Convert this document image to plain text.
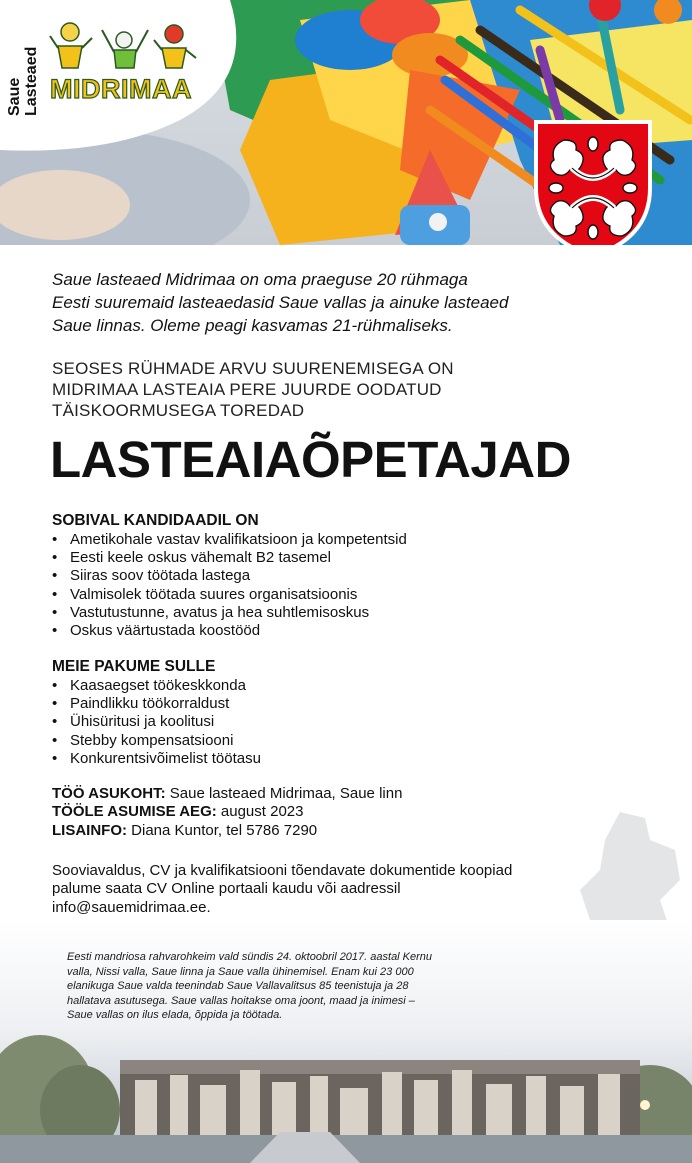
Saue Lasteaed MIDRIMAA
Saue lasteaed Midrimaa on oma praeguse 20 rühmaga
Eesti suuremaid lasteaedasid Saue vallas ja ainuke lasteaed
Saue linnas. Oleme peagi kasvamas 21-rühmaliseks.
SEOSES RÜHMADE ARVU SUURENEMISEGA ON
MIDRIMAA LASTEAIA PERE JUURDE OODATUD
TÄISKOORMUSEGA TOREDAD
LASTEAIAÕPETAJAD
SOBIVAL KANDIDAADIL ON
• Ametikohale vastav kvalifikatsioon ja kompetentsid
• Eesti keele oskus vähemalt B2 tasemel
• Siiras soov töötada lastega
• Valmisolek töötada suures organisatsioonis
• Vastutustunne, avatus ja hea suhtlemisoskus
• Oskus väärtustada koostööd
MEIE PAKUME SULLE
• Kaasaegset töökeskkonda
• Paindlikku töökorraldust
• Ühisüritusi ja koolitusi
• Stebby kompensatsiooni
• Konkurentsivõimelist töötasu
TÖÖ ASUKOHT: Saue lasteaed Midrimaa, Saue linn
TÖÖLE ASUMISE AEG: august 2023
LISAINFO: Diana Kuntor, tel 5786 7290
Sooviavaldus, CV ja kvalifikatsiooni tõendavate dokumentide koopiad
palume saata CV Online portaali kaudu või aadressil
info@sauemidrimaa.ee.
Eesti mandriosa rahvarohkeim vald sündis 24. oktoobril 2017. aastal Kernu
valla, Nissi valla, Saue linna ja Saue valla ühinemisel. Enam kui 23 000
elanikuga Saue valda teenindab Saue Vallavalitsus 85 teenistuja ja 28
hallatava asutusega. Saue vallas hoitakse oma joont, maad ja inimesi –
Saue vallas on ilus elada, õppida ja töötada.
